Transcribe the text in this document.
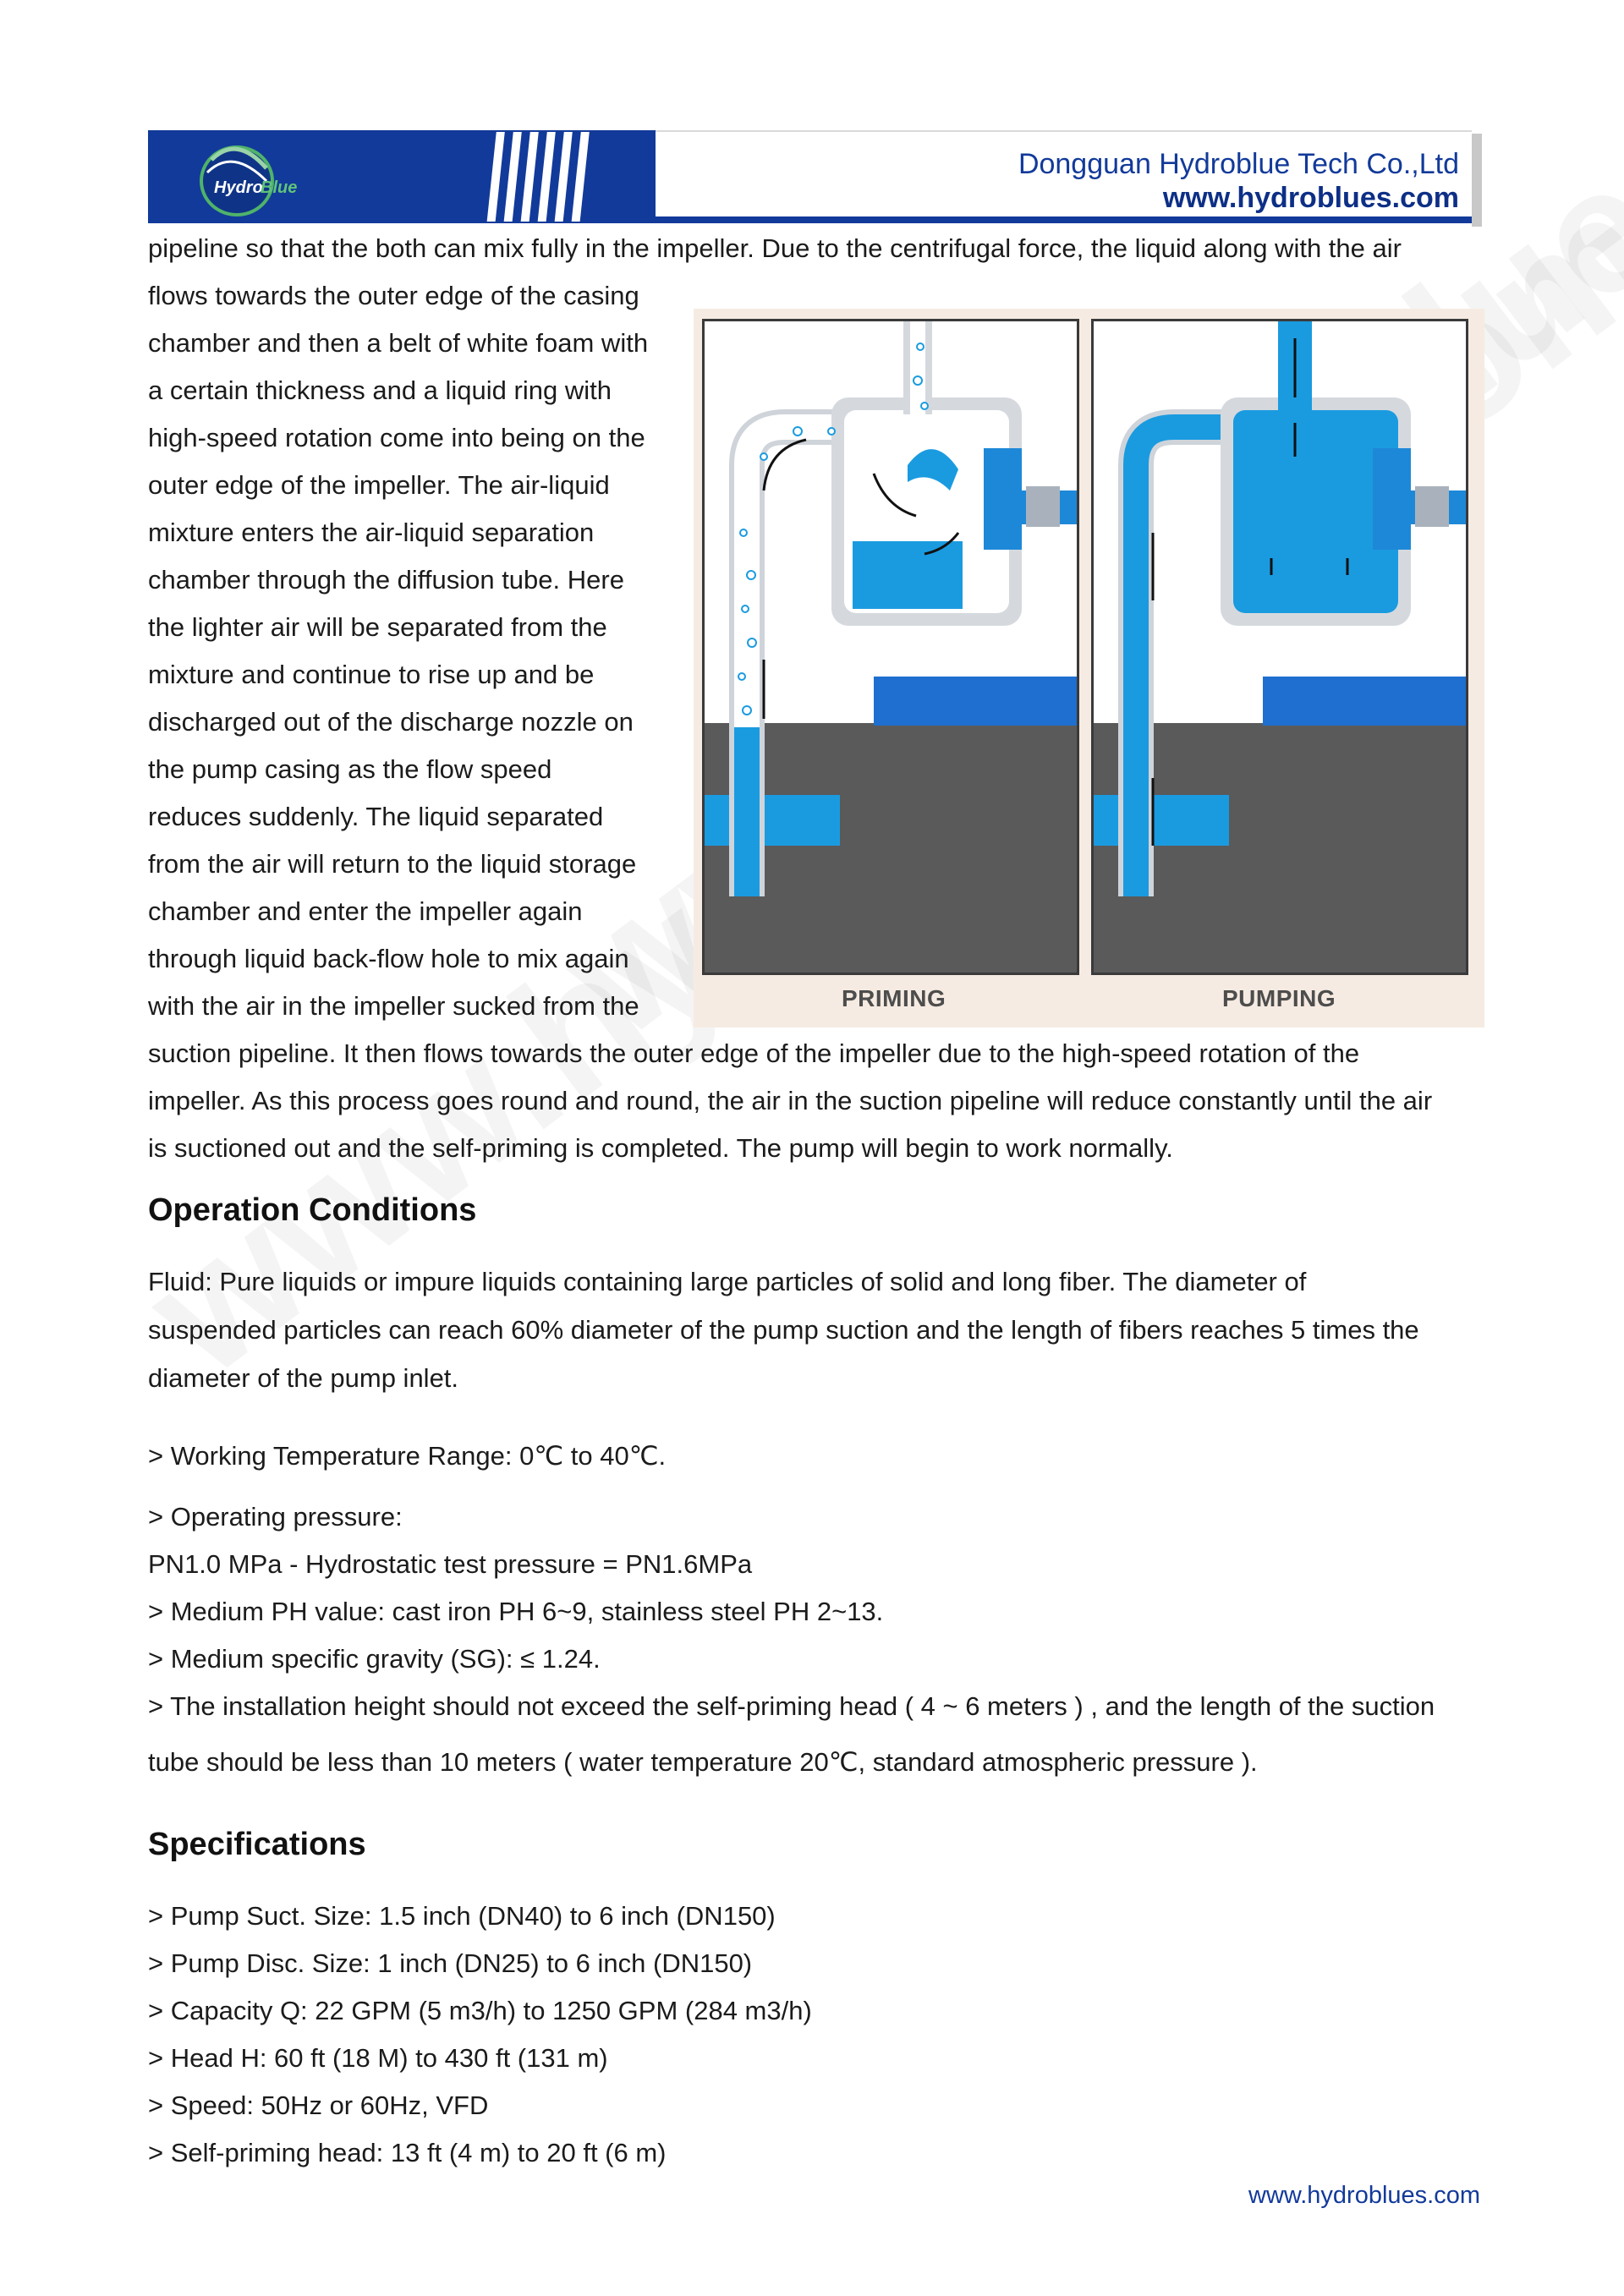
Hydro
Blue
Dongguan Hydroblue Tech Co.,Ltd
www.hydroblues.com
pipeline so that the both can mix fully in the impeller. Due to the centrifugal force, the liquid along with the air
flows towards the outer edge of the casing
chamber and then a belt of white foam with
a certain thickness and a liquid ring with
high-speed rotation come into being on the
outer edge of the impeller. The air-liquid
mixture enters the air-liquid separation
chamber through the diffusion tube. Here
the lighter air will be separated from the
mixture and continue to rise up and be
discharged out of the discharge nozzle on
the pump casing as the flow speed
reduces suddenly. The liquid separated
from the air will return to the liquid storage
chamber and enter the impeller again
through liquid back-flow hole to mix again
with the air in the impeller sucked from the
suction pipeline. It then flows towards the outer edge of the impeller due to the high-speed rotation of the
impeller. As this process goes round and round, the air in the suction pipeline will reduce constantly until the air
is suctioned out and the self-priming is completed. The pump will begin to work normally.
PRIMING	PUMPING
Operation Conditions
Fluid: Pure liquids or impure liquids containing large particles of solid and long fiber. The diameter of
suspended particles can reach 60% diameter of the pump suction and the length of fibers reaches 5 times the
diameter of the pump inlet.
> Working Temperature Range: 0℃ to 40℃.
> Operating pressure:
PN1.0 MPa - Hydrostatic test pressure = PN1.6MPa
> Medium PH value: cast iron PH 6~9, stainless steel PH 2~13.
> Medium specific gravity (SG): ≤ 1.24.
> The installation height should not exceed the self-priming head ( 4 ~ 6 meters ) , and the length of the suction
tube should be less than 10 meters ( water temperature 20℃, standard atmospheric pressure ).
Specifications
> Pump Suct. Size: 1.5 inch (DN40) to 6 inch (DN150)
> Pump Disc. Size: 1 inch (DN25) to 6 inch (DN150)
> Capacity Q: 22 GPM (5 m3/h) to 1250 GPM (284 m3/h)
> Head H: 60 ft (18 M) to 430 ft (131 m)
> Speed: 50Hz or 60Hz, VFD
> Self-priming head: 13 ft (4 m) to 20 ft (6 m)
www.hydroblues.com
